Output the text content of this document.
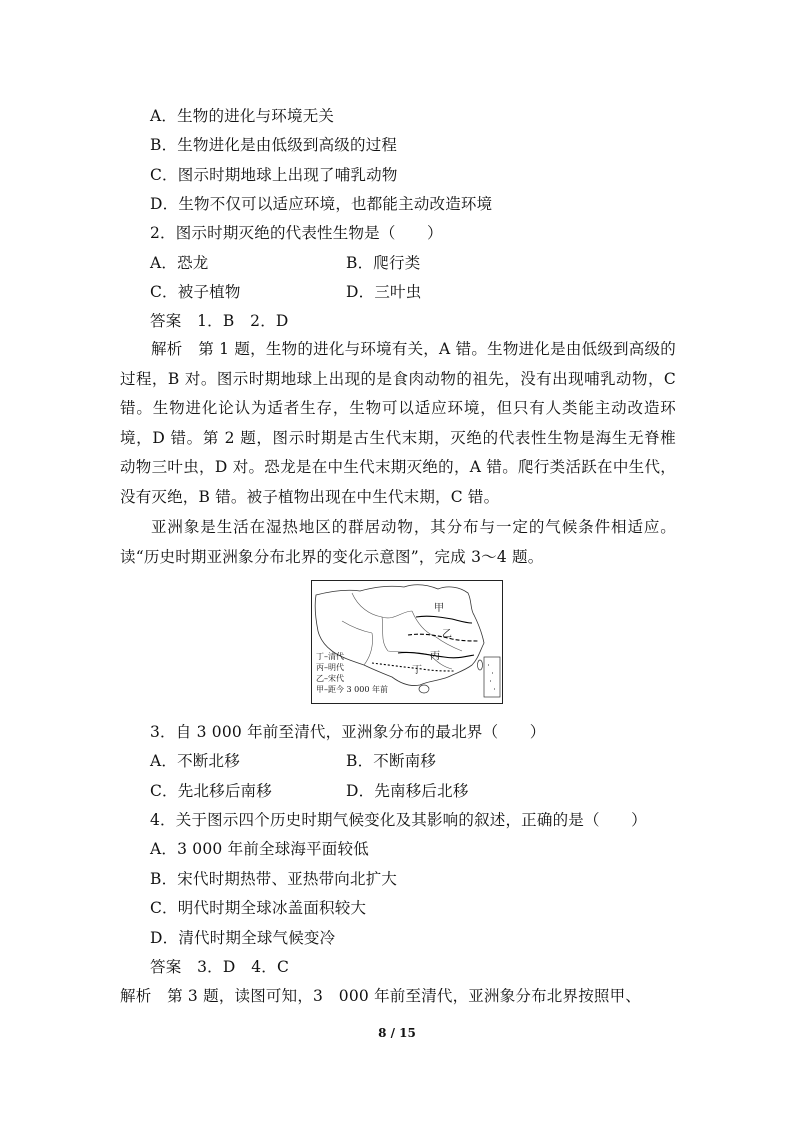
A．生物的进化与环境无关
B．生物进化是由低级到高级的过程
C．图示时期地球上出现了哺乳动物
D．生物不仅可以适应环境，也都能主动改造环境
2．图示时期灭绝的代表性生物是（　　）
A．恐龙	B．爬行类
C．被子植物	D．三叶虫
答案　1．B　2．D
解析　第 1 题，生物的进化与环境有关，A 错。生物进化是由低级到高级的过程，B 对。图示时期地球上出现的是食肉动物的祖先，没有出现哺乳动物，C 错。生物进化论认为适者生存，生物可以适应环境，但只有人类能主动改造环境，D 错。第 2 题，图示时期是古生代末期，灭绝的代表性生物是海生无脊椎动物三叶虫，D 对。恐龙是在中生代末期灭绝的，A 错。爬行类活跃在中生代，没有灭绝，B 错。被子植物出现在中生代末期，C 错。
亚洲象是生活在湿热地区的群居动物，其分布与一定的气候条件相适应。读“历史时期亚洲象分布北界的变化示意图”，完成 3～4 题。
甲
乙
丙
丁
丁–清代
丙–明代
乙–宋代
甲–距今 3 000 年前
3．自 3 000 年前至清代，亚洲象分布的最北界（　　）
A．不断北移	B．不断南移
C．先北移后南移	D．先南移后北移
4．关于图示四个历史时期气候变化及其影响的叙述，正确的是（　　）
A．3 000 年前全球海平面较低
B．宋代时期热带、亚热带向北扩大
C．明代时期全球冰盖面积较大
D．清代时期全球气候变冷
答案　3．D　4．C
解析　第 3 题，读图可知，3　000 年前至清代，亚洲象分布北界按照甲、
8 / 15
